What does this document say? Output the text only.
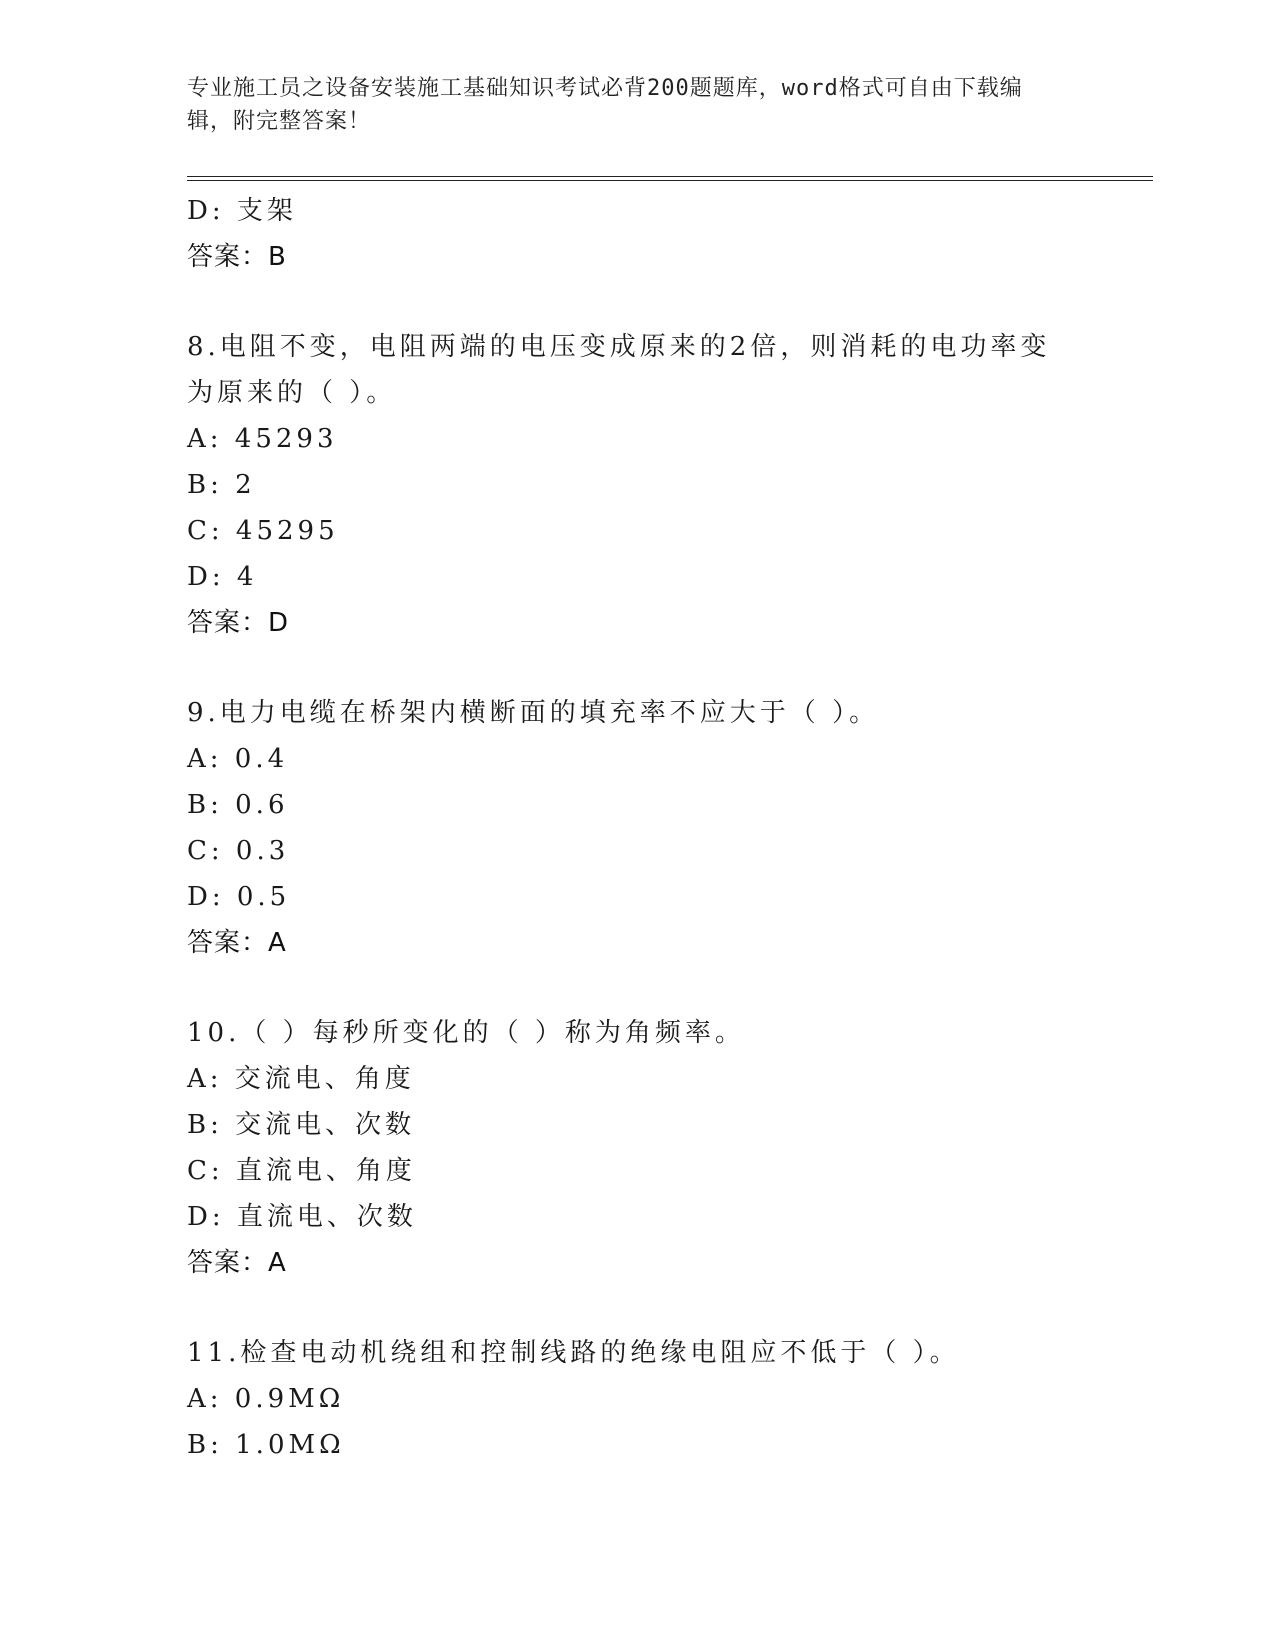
专业施工员之设备安装施工基础知识考试必背200题题库，word格式可自由下载编辑，附完整答案！
D: 支架
答案：B
8.电阻不变，电阻两端的电压变成原来的2倍，则消耗的电功率变为原来的（ ）。
A: 45293
B: 2
C: 45295
D: 4
答案：D
9.电力电缆在桥架内横断面的填充率不应大于（ ）。
A: 0.4
B: 0.6
C: 0.3
D: 0.5
答案：A
10.（ ）每秒所变化的（ ）称为角频率。
A: 交流电、角度
B: 交流电、次数
C: 直流电、角度
D: 直流电、次数
答案：A
11.检查电动机绕组和控制线路的绝缘电阻应不低于（ ）。
A: 0.9MΩ
B: 1.0MΩ
